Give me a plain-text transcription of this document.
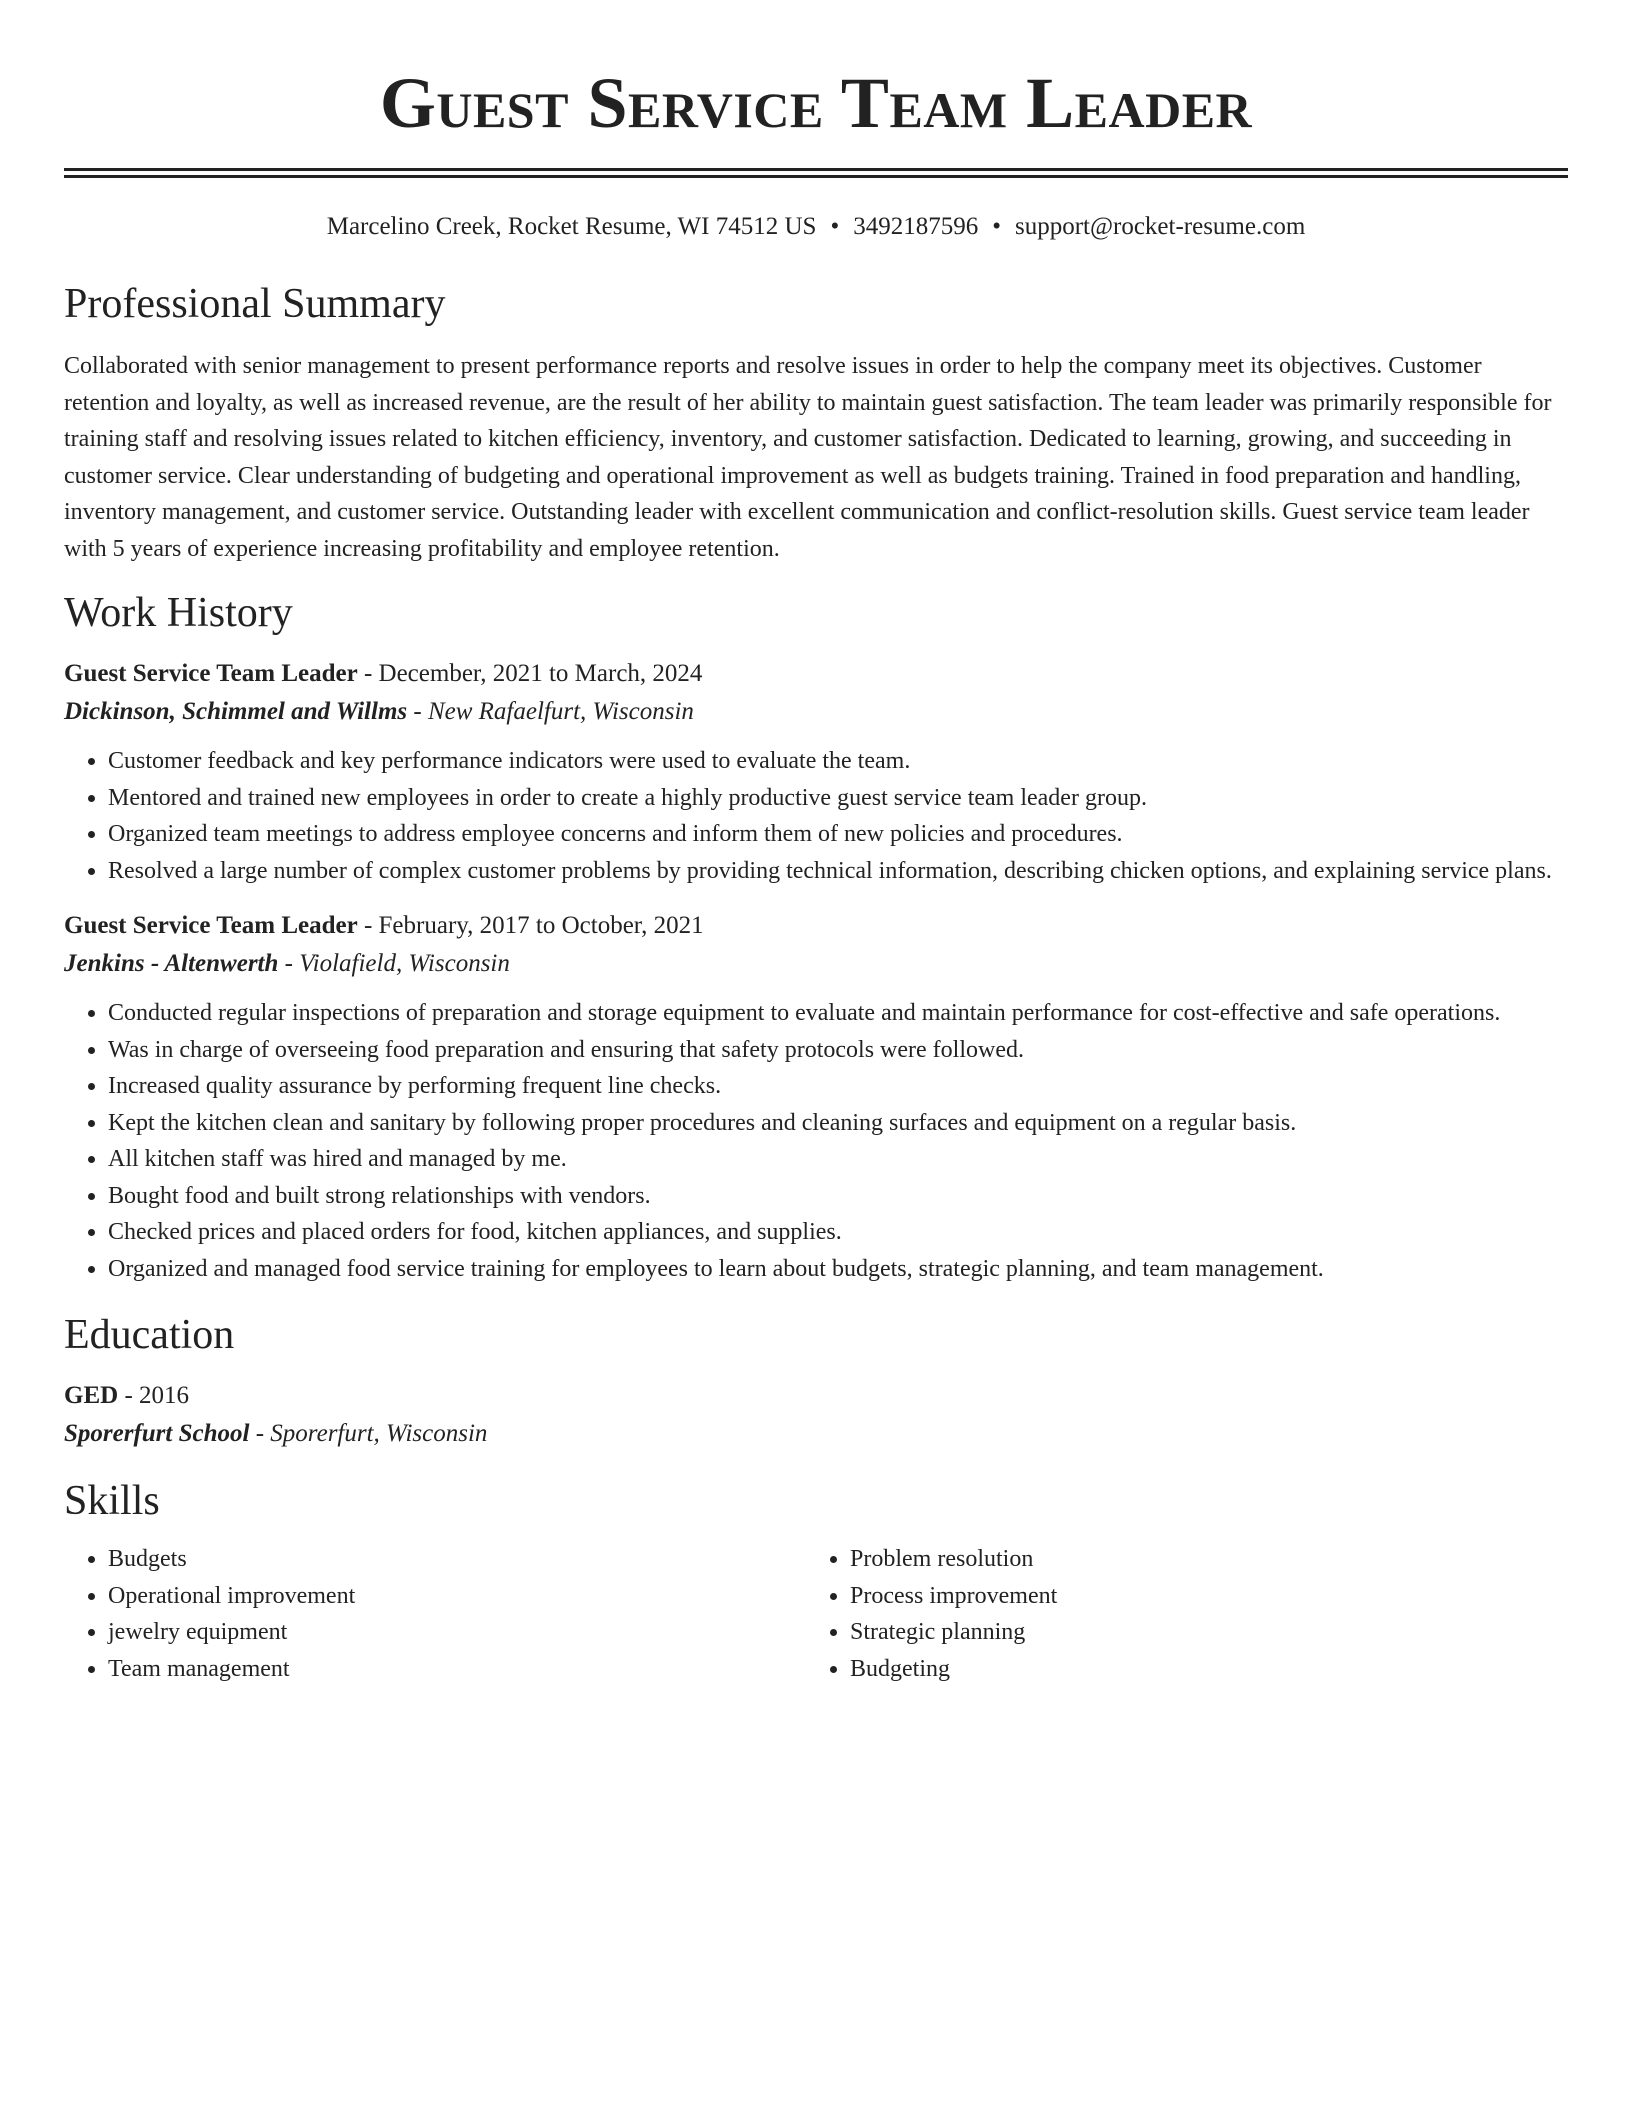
Guest Service Team Leader
Marcelino Creek, Rocket Resume, WI 74512 US • 3492187596 • support@rocket-resume.com
Professional Summary
Collaborated with senior management to present performance reports and resolve issues in order to help the company meet its objectives. Customer retention and loyalty, as well as increased revenue, are the result of her ability to maintain guest satisfaction. The team leader was primarily responsible for training staff and resolving issues related to kitchen efficiency, inventory, and customer satisfaction. Dedicated to learning, growing, and succeeding in customer service. Clear understanding of budgeting and operational improvement as well as budgets training. Trained in food preparation and handling, inventory management, and customer service. Outstanding leader with excellent communication and conflict-resolution skills. Guest service team leader with 5 years of experience increasing profitability and employee retention.
Work History
Guest Service Team Leader - December, 2021 to March, 2024
Dickinson, Schimmel and Willms - New Rafaelfurt, Wisconsin
• Customer feedback and key performance indicators were used to evaluate the team.
• Mentored and trained new employees in order to create a highly productive guest service team leader group.
• Organized team meetings to address employee concerns and inform them of new policies and procedures.
• Resolved a large number of complex customer problems by providing technical information, describing chicken options, and explaining service plans.
Guest Service Team Leader - February, 2017 to October, 2021
Jenkins - Altenwerth - Violafield, Wisconsin
• Conducted regular inspections of preparation and storage equipment to evaluate and maintain performance for cost-effective and safe operations.
• Was in charge of overseeing food preparation and ensuring that safety protocols were followed.
• Increased quality assurance by performing frequent line checks.
• Kept the kitchen clean and sanitary by following proper procedures and cleaning surfaces and equipment on a regular basis.
• All kitchen staff was hired and managed by me.
• Bought food and built strong relationships with vendors.
• Checked prices and placed orders for food, kitchen appliances, and supplies.
• Organized and managed food service training for employees to learn about budgets, strategic planning, and team management.
Education
GED - 2016
Sporerfurt School - Sporerfurt, Wisconsin
Skills
• Budgets
• Operational improvement
• jewelry equipment
• Team management
• Problem resolution
• Process improvement
• Strategic planning
• Budgeting
